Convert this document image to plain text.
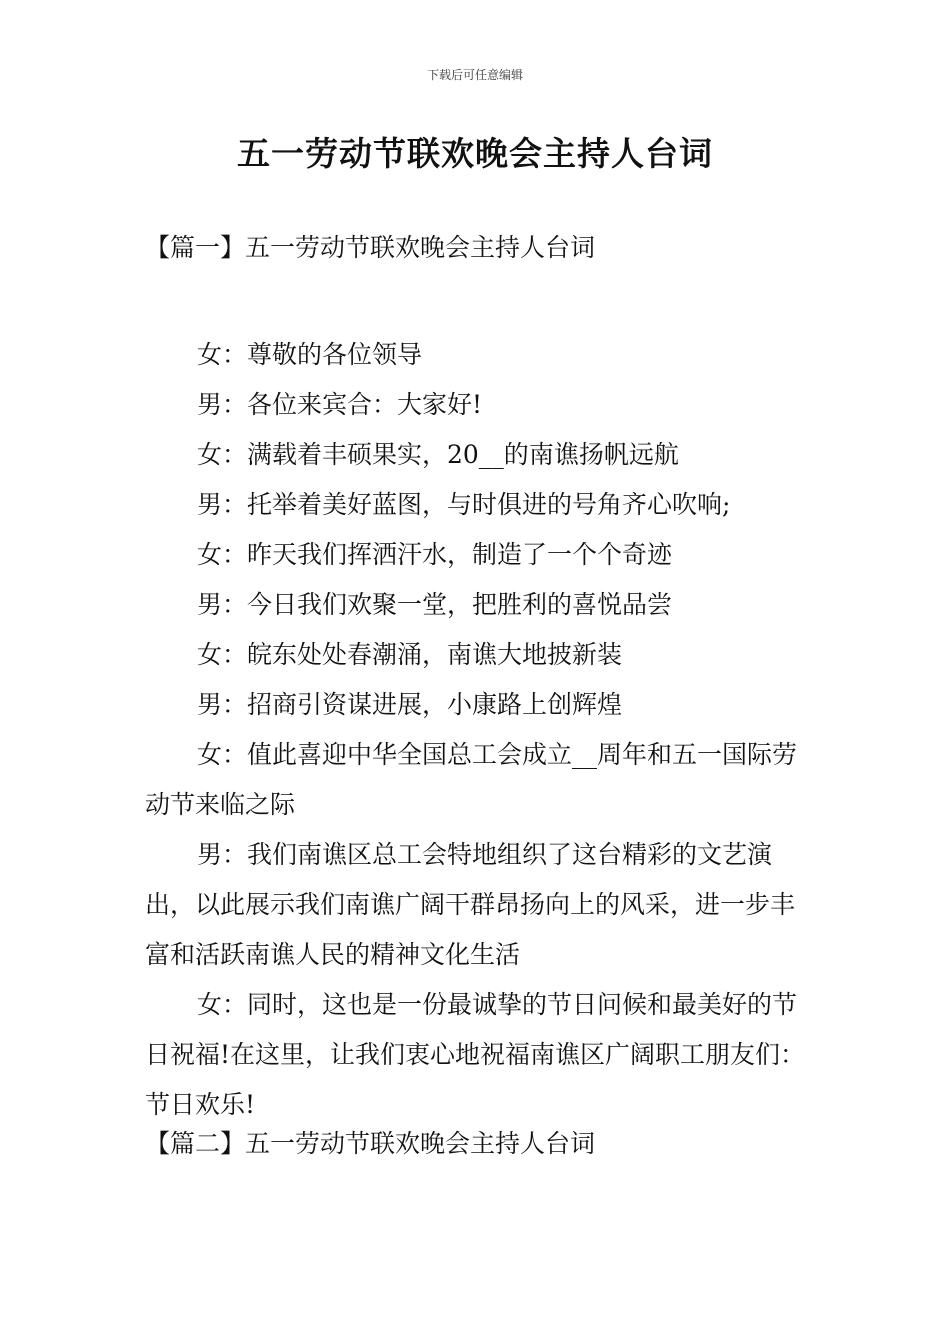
下载后可任意编辑
五一劳动节联欢晚会主持人台词
【篇一】五一劳动节联欢晚会主持人台词

女：尊敬的各位领导

男：各位来宾合：大家好!

女：满载着丰硕果实，20__的南谯扬帆远航

男：托举着美好蓝图，与时俱进的号角齐心吹响;

女：昨天我们挥洒汗水，制造了一个个奇迹

男：今日我们欢聚一堂，把胜利的喜悦品尝

女：皖东处处春潮涌，南谯大地披新装

男：招商引资谋进展，小康路上创辉煌

女：值此喜迎中华全国总工会成立__周年和五一国际劳动节来临之际

男：我们南谯区总工会特地组织了这台精彩的文艺演出，以此展示我们南谯广阔干群昂扬向上的风采，进一步丰富和活跃南谯人民的精神文化生活

女：同时，这也是一份最诚挚的节日问候和最美好的节日祝福!在这里，让我们衷心地祝福南谯区广阔职工朋友们：节日欢乐!

【篇二】五一劳动节联欢晚会主持人台词
